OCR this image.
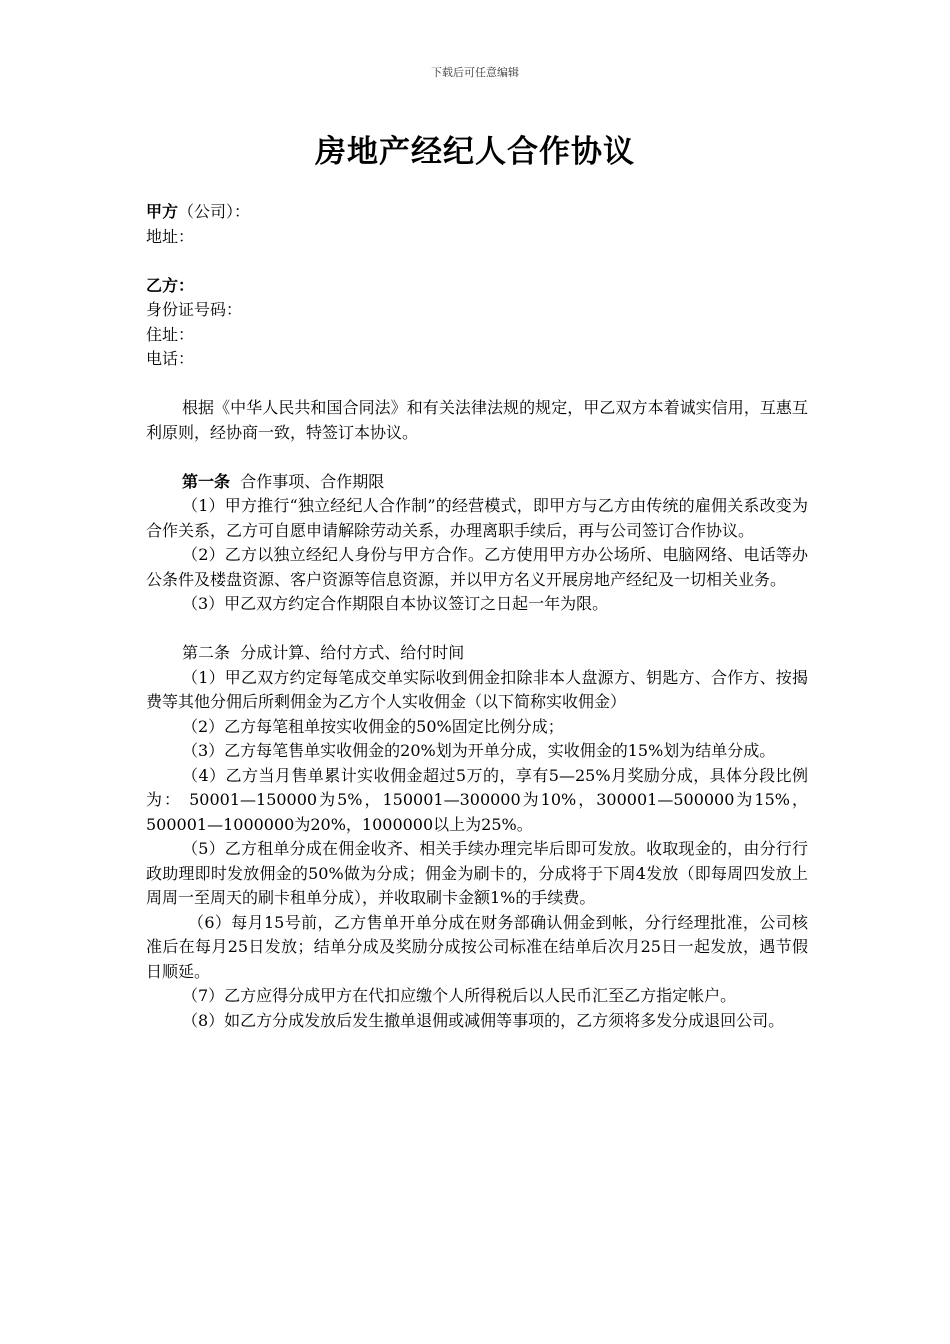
下载后可任意编辑
房地产经纪人合作协议
甲方（公司）：
地址：
乙方：
身份证号码：
住址：
电话：

根据《中华人民共和国合同法》和有关法律法规的规定，甲乙双方本着诚实信用，互惠互利原则，经协商一致，特签订本协议。

第一条 合作事项、合作期限

（1）甲方推行“独立经纪人合作制”的经营模式，即甲方与乙方由传统的雇佣关系改变为合作关系，乙方可自愿申请解除劳动关系，办理离职手续后，再与公司签订合作协议。

（2）乙方以独立经纪人身份与甲方合作。乙方使用甲方办公场所、电脑网络、电话等办公条件及楼盘资源、客户资源等信息资源，并以甲方名义开展房地产经纪及一切相关业务。

（3）甲乙双方约定合作期限自本协议签订之日起一年为限。

第二条 分成计算、给付方式、给付时间

（1）甲乙双方约定每笔成交单实际收到佣金扣除非本人盘源方、钥匙方、合作方、按揭费等其他分佣后所剩佣金为乙方个人实收佣金（以下简称实收佣金）

（2）乙方每笔租单按实收佣金的50%固定比例分成；

（3）乙方每笔售单实收佣金的20%划为开单分成，实收佣金的15%划为结单分成。

（4）乙方当月售单累计实收佣金超过5万的，享有5—25%月奖励分成，具体分段比例为： 50001—150000为5%，150001—300000为10%，300001—500000为15%，500001—1000000为20%，1000000以上为25%。

（5）乙方租单分成在佣金收齐、相关手续办理完毕后即可发放。收取现金的，由分行行政助理即时发放佣金的50%做为分成；佣金为刷卡的，分成将于下周4发放（即每周四发放上周周一至周天的刷卡租单分成），并收取刷卡金额1%的手续费。

（6）每月15号前，乙方售单开单分成在财务部确认佣金到帐，分行经理批准，公司核准后在每月25日发放；结单分成及奖励分成按公司标准在结单后次月25日一起发放，遇节假日顺延。

（7）乙方应得分成甲方在代扣应缴个人所得税后以人民币汇至乙方指定帐户。

（8）如乙方分成发放后发生撤单退佣或减佣等事项的，乙方须将多发分成退回公司。
